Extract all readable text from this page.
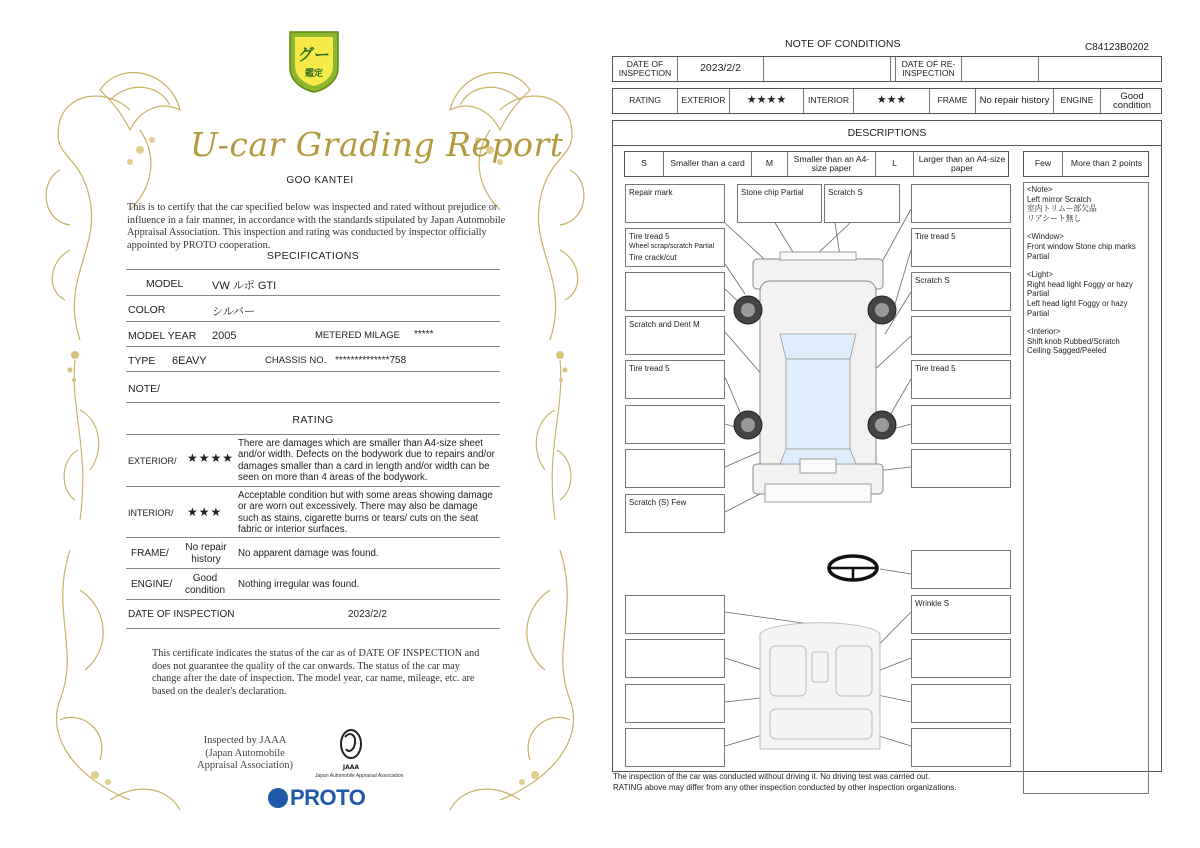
グー
鑑定
U-car Grading Report
GOO KANTEI
This is to certify that the car specified below was inspected and rated without prejudice or influence in a fair manner, in accordance with the standards stipulated by Japan Automobile Appraisal Association. This inspection and rating was conducted by inspector officially appointed by PROTO cooperation.
SPECIFICATIONS
MODEL	VW ルポ GTI
COLOR	シルバー
MODEL YEAR 2005	METERED MILAGE *****
TYPE 6EAVY	CHASSIS NO. **************758
NOTE/
RATING
EXTERIOR/ ★★★★
There are damages which are smaller than A4-size sheet and/or width. Defects on the bodywork due to repairs and/or damages smaller than a card in length and/or width can be seen on more than 4 areas of the bodywork.
INTERIOR/ ★★★
Acceptable condition but with some areas showing damage or are worn out excessively. There may also be damage such as stains, cigarette burns or tears/ cuts on the seat fabric or interior surfaces.
FRAME/
No repair history	No apparent damage was found.
ENGINE/
Good condition	Nothing irregular was found.
DATE OF INSPECTION	2023/2/2
This certificate indicates the status of the car as of DATE OF INSPECTION and does not guarantee the quality of the car onwards. The status of the car may change after the date of inspection. The model year, car name, mileage, etc. are based on the dealer's declaration.
Inspected by JAAA (Japan Automobile Appraisal Association)	JAAA
Japan Automobile Appraisal Association
PROTO
NOTE OF CONDITIONS	C84123B0202
DATE OF INSPECTION	2023/2/2	DATE OF RE-INSPECTION
RATING	EXTERIOR	★★★★	INTERIOR	★★★	FRAME	No repair history	ENGINE	Good condition
DESCRIPTIONS
S	Smaller than a card	M	Smaller than an A4-size paper	L	Larger than an A4-size paper	Few	More than 2 points
Repair mark
Tire tread 5
Wheel scrap/scratch Partial
Tire crack/cut
Scratch and Dent M
Tire tread 5
Scratch (S) Few
Stone chip Partial	Scratch S
Tire tread 5
Scratch S
Tire tread 5
Wrinkle S
<Note>
Left mirror Scratch
室内トリムー部欠品
リアシート無し
<Window>
Front window Stone chip marks Partial
<Light>
Right head light Foggy or hazy Partial
Left head light Foggy or hazy Partial
<Interior>
Shift knob Rubbed/Scratch
Ceiling Sagged/Peeled
The inspection of the car was conducted without driving it. No driving test was carried out.
RATING above may differ from any other inspection conducted by other inspection organizations.
